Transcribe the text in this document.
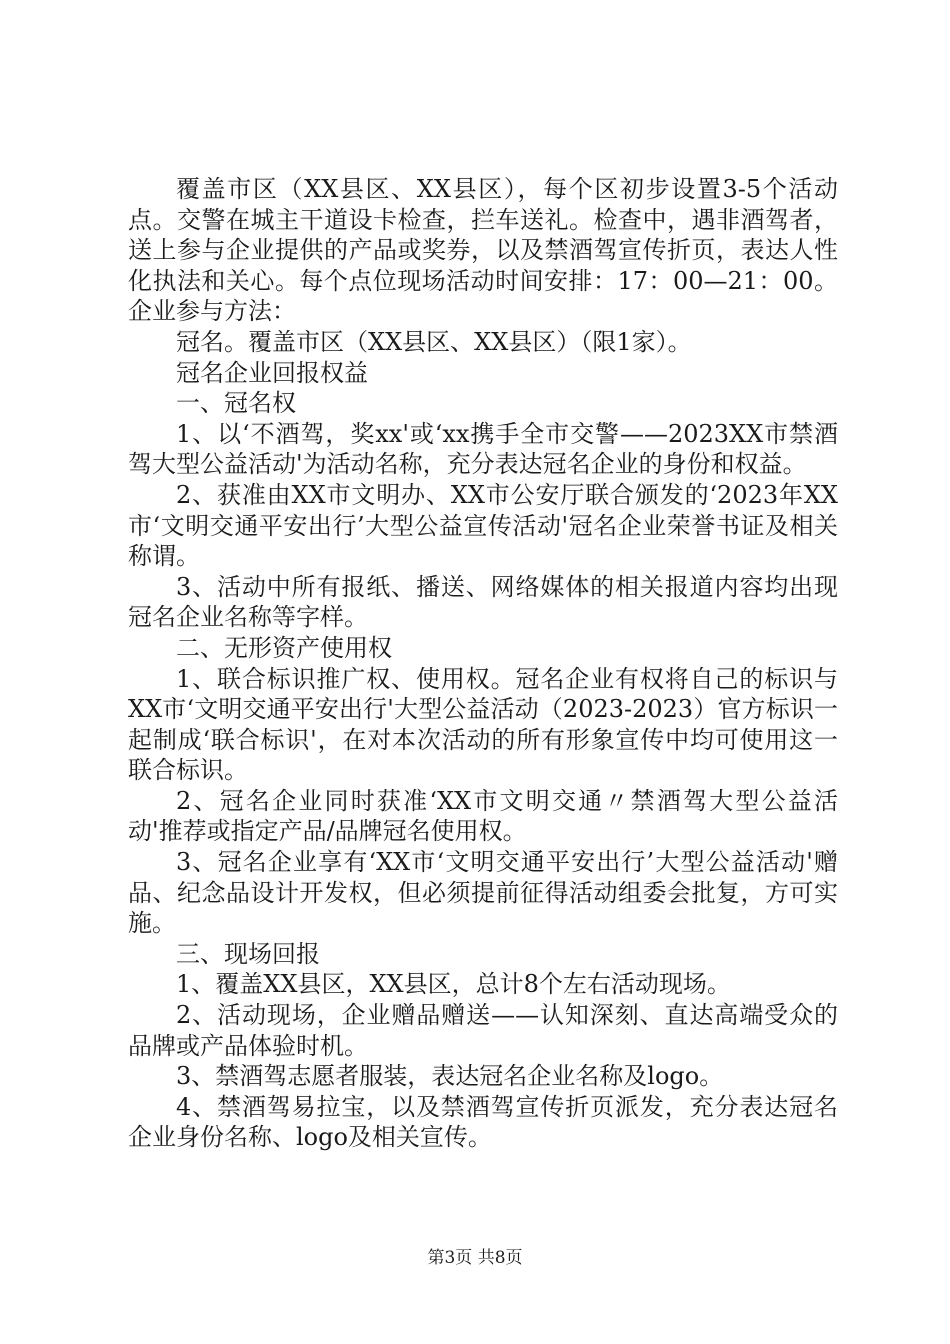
覆盖市区（XX县区、XX县区），每个区初步设置3-5个活动点。交警在城主干道设卡检查，拦车送礼。检查中，遇非酒驾者，送上参与企业提供的产品或奖券，以及禁酒驾宣传折页，表达人性化执法和关心。每个点位现场活动时间安排：17：00—21：00。企业参与方法：

冠名。覆盖市区（XX县区、XX县区）（限1家）。

冠名企业回报权益

一、冠名权

1、以‘不酒驾，奖xx'或‘xx携手全市交警——2023XX市禁酒驾大型公益活动'为活动名称，充分表达冠名企业的身份和权益。

2、获准由XX市文明办、XX市公安厅联合颁发的‘2023年XX市‘文明交通平安出行’大型公益宣传活动'冠名企业荣誉书证及相关称谓。

3、活动中所有报纸、播送、网络媒体的相关报道内容均出现冠名企业名称等字样。

二、无形资产使用权

1、联合标识推广权、使用权。冠名企业有权将自己的标识与XX市‘文明交通平安出行'大型公益活动（2023-2023）官方标识一起制成‘联合标识'，在对本次活动的所有形象宣传中均可使用这一联合标识。

2、冠名企业同时获准‘XX市文明交通〃禁酒驾大型公益活动'推荐或指定产品/品牌冠名使用权。

3、冠名企业享有‘XX市‘文明交通平安出行’大型公益活动'赠品、纪念品设计开发权，但必须提前征得活动组委会批复，方可实施。

三、现场回报

1、覆盖XX县区，XX县区，总计8个左右活动现场。

2、活动现场，企业赠品赠送——认知深刻、直达高端受众的品牌或产品体验时机。

3、禁酒驾志愿者服装，表达冠名企业名称及logo。

4、禁酒驾易拉宝，以及禁酒驾宣传折页派发，充分表达冠名企业身份名称、logo及相关宣传。

第3页 共8页
